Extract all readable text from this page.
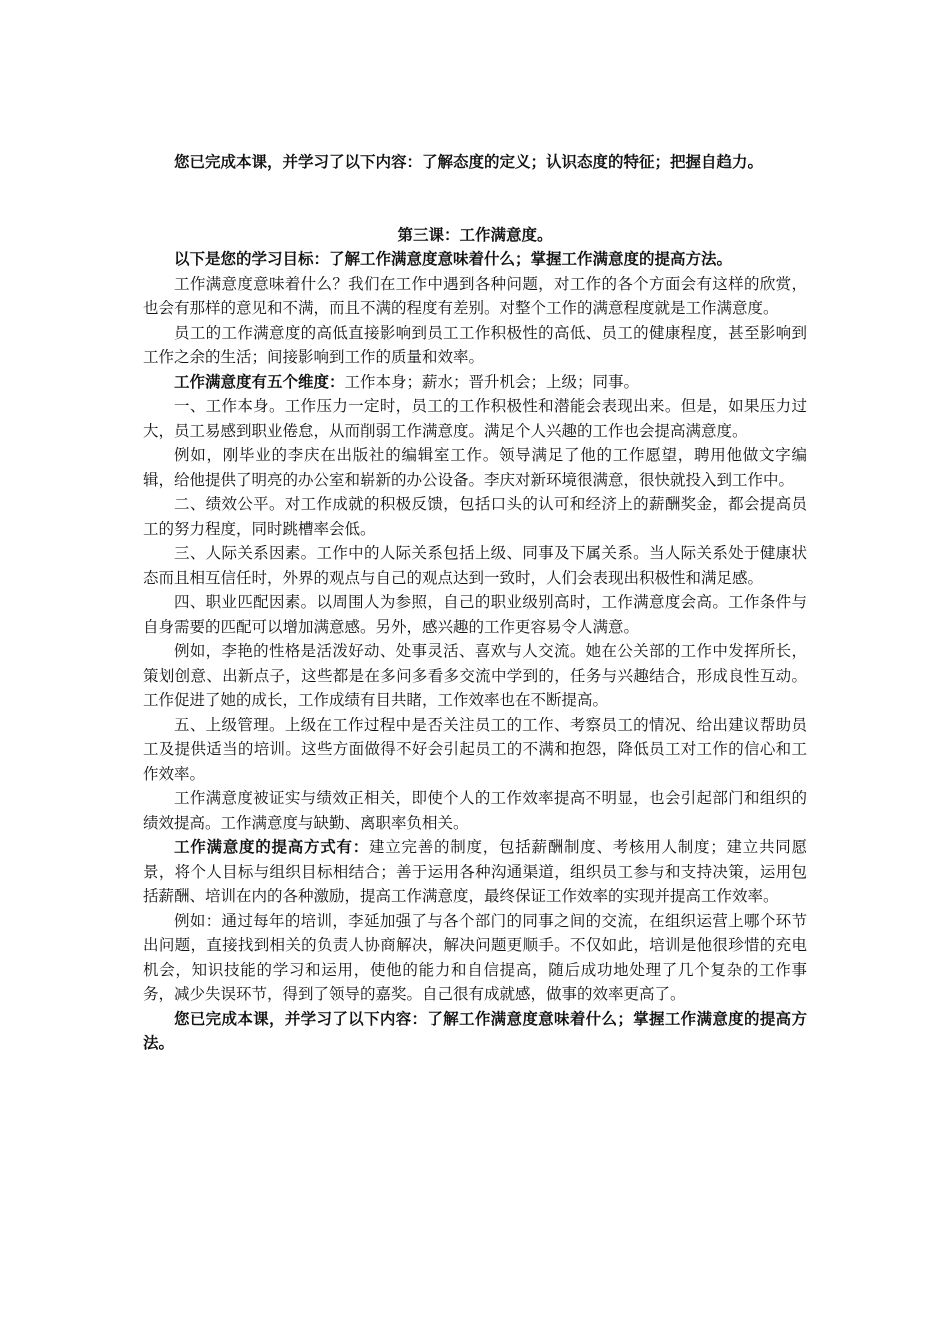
您已完成本课，并学习了以下内容：了解态度的定义；认识态度的特征；把握自趋力。

第三课：工作满意度。

以下是您的学习目标：了解工作满意度意味着什么；掌握工作满意度的提高方法。

工作满意度意味着什么？我们在工作中遇到各种问题，对工作的各个方面会有这样的欣赏，也会有那样的意见和不满，而且不满的程度有差别。对整个工作的满意程度就是工作满意度。

员工的工作满意度的高低直接影响到员工工作积极性的高低、员工的健康程度，甚至影响到工作之余的生活；间接影响到工作的质量和效率。

工作满意度有五个维度：工作本身；薪水；晋升机会；上级；同事。

一、工作本身。工作压力一定时，员工的工作积极性和潜能会表现出来。但是，如果压力过大，员工易感到职业倦怠，从而削弱工作满意度。满足个人兴趣的工作也会提高满意度。

例如，刚毕业的李庆在出版社的编辑室工作。领导满足了他的工作愿望，聘用他做文字编辑，给他提供了明亮的办公室和崭新的办公设备。李庆对新环境很满意，很快就投入到工作中。

二、绩效公平。对工作成就的积极反馈，包括口头的认可和经济上的薪酬奖金，都会提高员工的努力程度，同时跳槽率会低。

三、人际关系因素。工作中的人际关系包括上级、同事及下属关系。当人际关系处于健康状态而且相互信任时，外界的观点与自己的观点达到一致时，人们会表现出积极性和满足感。

四、职业匹配因素。以周围人为参照，自己的职业级别高时，工作满意度会高。工作条件与自身需要的匹配可以增加满意感。另外，感兴趣的工作更容易令人满意。

例如，李艳的性格是活泼好动、处事灵活、喜欢与人交流。她在公关部的工作中发挥所长，策划创意、出新点子，这些都是在多问多看多交流中学到的，任务与兴趣结合，形成良性互动。工作促进了她的成长，工作成绩有目共睹，工作效率也在不断提高。

五、上级管理。上级在工作过程中是否关注员工的工作、考察员工的情况、给出建议帮助员工及提供适当的培训。这些方面做得不好会引起员工的不满和抱怨，降低员工对工作的信心和工作效率。

工作满意度被证实与绩效正相关，即使个人的工作效率提高不明显，也会引起部门和组织的绩效提高。工作满意度与缺勤、离职率负相关。

工作满意度的提高方式有：建立完善的制度，包括薪酬制度、考核用人制度；建立共同愿景，将个人目标与组织目标相结合；善于运用各种沟通渠道，组织员工参与和支持决策，运用包括薪酬、培训在内的各种激励，提高工作满意度，最终保证工作效率的实现并提高工作效率。

例如：通过每年的培训，李延加强了与各个部门的同事之间的交流，在组织运营上哪个环节出问题，直接找到相关的负责人协商解决，解决问题更顺手。不仅如此，培训是他很珍惜的充电机会，知识技能的学习和运用，使他的能力和自信提高，随后成功地处理了几个复杂的工作事务，减少失误环节，得到了领导的嘉奖。自己很有成就感，做事的效率更高了。

您已完成本课，并学习了以下内容：了解工作满意度意味着什么；掌握工作满意度的提高方法。
